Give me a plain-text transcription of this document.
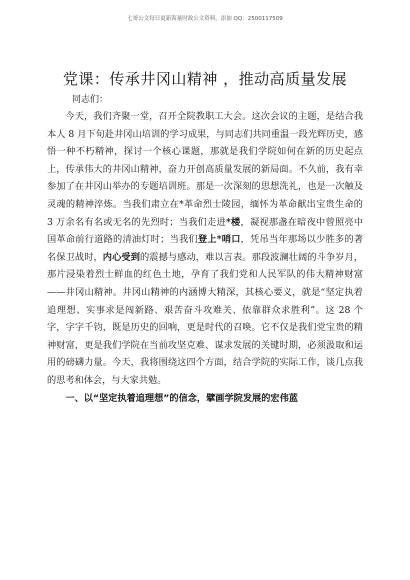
七哥公文每日更新海量时政公文资料，添加 QQ：2500117509
党课：传承井冈山精神 ，推动高质量发展
同志们：

今天，我们齐聚一堂，召开全院教职工大会。这次会议的主题，是结合我本人 8 月下旬赴井冈山培训的学习成果，与同志们共同重温一段光辉历史，感悟一种不朽精神，探讨一个核心课题，那就是我们学院如何在新的历史起点上，传承伟大的井冈山精神，奋力开创高质量发展的新局面。不久前，我有幸参加了在井冈山举办的专题培训班。那是一次深刻的思想洗礼，也是一次触及灵魂的精神淬炼。当我们肃立在*革命烈士陵园，缅怀为革命献出宝贵生命的 3 万余名有名或无名的先烈时；当我们走进*楼，凝视那盏在暗夜中曾照亮中国革命前行道路的清油灯时；当我们登上*哨口，凭吊当年那场以少胜多的著名保卫战时，内心受到的震撼与感动，难以言表。那段波澜壮阔的斗争岁月，那片浸染着烈士鲜血的红色土地，孕育了我们党和人民军队的伟大精神财富——井冈山精神。井冈山精神的内涵博大精深，其核心要义，就是“坚定执着追理想、实事求是闯新路、艰苦奋斗攻难关、依靠群众求胜利”。这 28 个字，字字千钧，既是历史的回响，更是时代的召唤。它不仅是我们党宝贵的精神财富，更是我们学院在当前攻坚克难、谋求发展的关键时期，必须汲取和运用的磅礴力量。今天，我将围绕这四个方面，结合学院的实际工作，谈几点我的思考和体会，与大家共勉。

一、以“坚定执着追理想”的信念，擘画学院发展的宏伟蓝
